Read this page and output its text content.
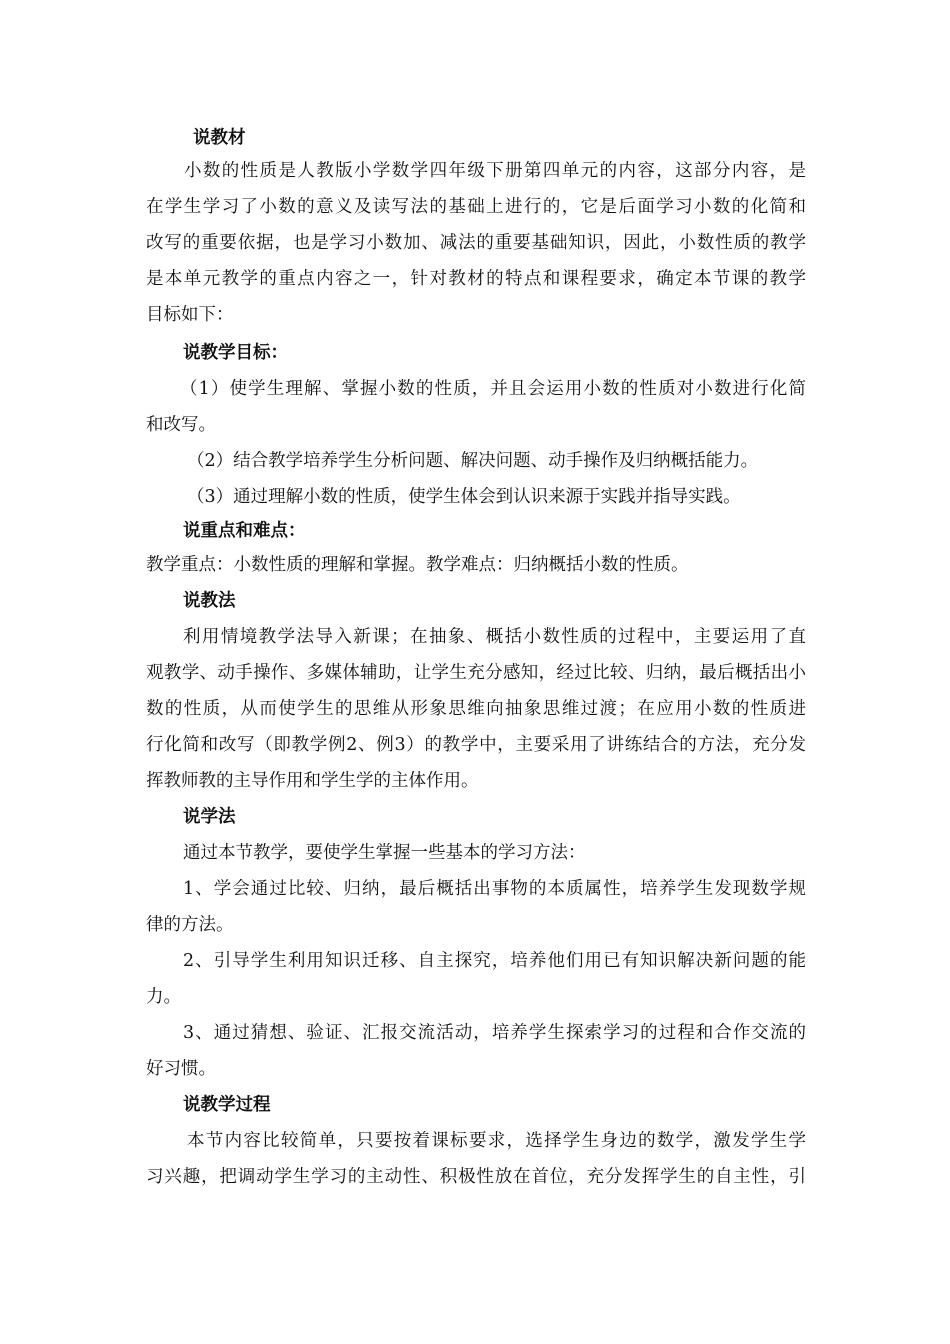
说教材
小数的性质是人教版小学数学四年级下册第四单元的内容，这部分内容，是
在学生学习了小数的意义及读写法的基础上进行的，它是后面学习小数的化简和
改写的重要依据，也是学习小数加、减法的重要基础知识，因此，小数性质的教学
是本单元教学的重点内容之一，针对教材的特点和课程要求，确定本节课的教学
目标如下：
说教学目标：
（1）使学生理解、掌握小数的性质，并且会运用小数的性质对小数进行化简
和改写。
（2）结合教学培养学生分析问题、解决问题、动手操作及归纳概括能力。
（3）通过理解小数的性质，使学生体会到认识来源于实践并指导实践。
说重点和难点：
教学重点：小数性质的理解和掌握。教学难点：归纳概括小数的性质。
说教法
利用情境教学法导入新课；在抽象、概括小数性质的过程中，主要运用了直
观教学、动手操作、多媒体辅助，让学生充分感知，经过比较、归纳，最后概括出小
数的性质，从而使学生的思维从形象思维向抽象思维过渡；在应用小数的性质进
行化简和改写（即教学例2、例3）的教学中，主要采用了讲练结合的方法，充分发
挥教师教的主导作用和学生学的主体作用。
说学法
通过本节教学，要使学生掌握一些基本的学习方法：
1、学会通过比较、归纳，最后概括出事物的本质属性，培养学生发现数学规
律的方法。
2、引导学生利用知识迁移、自主探究，培养他们用已有知识解决新问题的能
力。
3、通过猜想、验证、汇报交流活动，培养学生探索学习的过程和合作交流的
好习惯。
说教学过程
本节内容比较简单，只要按着课标要求，选择学生身边的数学，激发学生学
习兴趣，把调动学生学习的主动性、积极性放在首位，充分发挥学生的自主性，引
